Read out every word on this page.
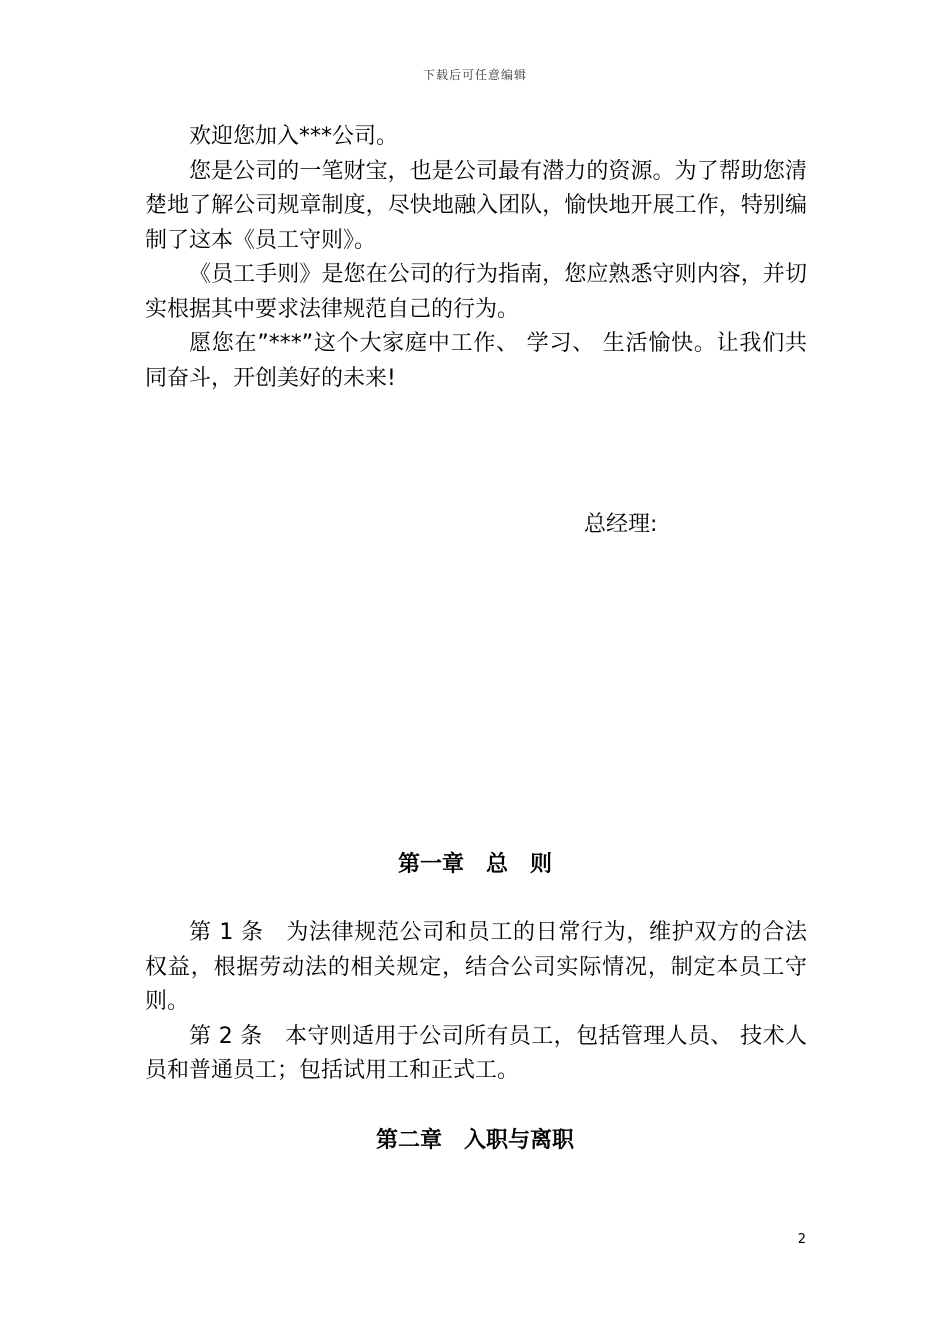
下载后可任意编辑

欢迎您加入***公司。

您是公司的一笔财宝，也是公司最有潜力的资源。为了帮助您清楚地了解公司规章制度，尽快地融入团队，愉快地开展工作，特别编制了这本《员工守则》。

《员工手则》是您在公司的行为指南，您应熟悉守则内容，并切实根据其中要求法律规范自己的行为。

愿您在”***”这个大家庭中工作、 学习、 生活愉快。让我们共同奋斗，开创美好的未来!

总经理:
第一章　总　则

第 1 条　为法律规范公司和员工的日常行为，维护双方的合法权益，根据劳动法的相关规定，结合公司实际情况，制定本员工守则。

第 2 条　本守则适用于公司所有员工，包括管理人员、 技术人员和普通员工；包括试用工和正式工。

第二章　入职与离职
2
